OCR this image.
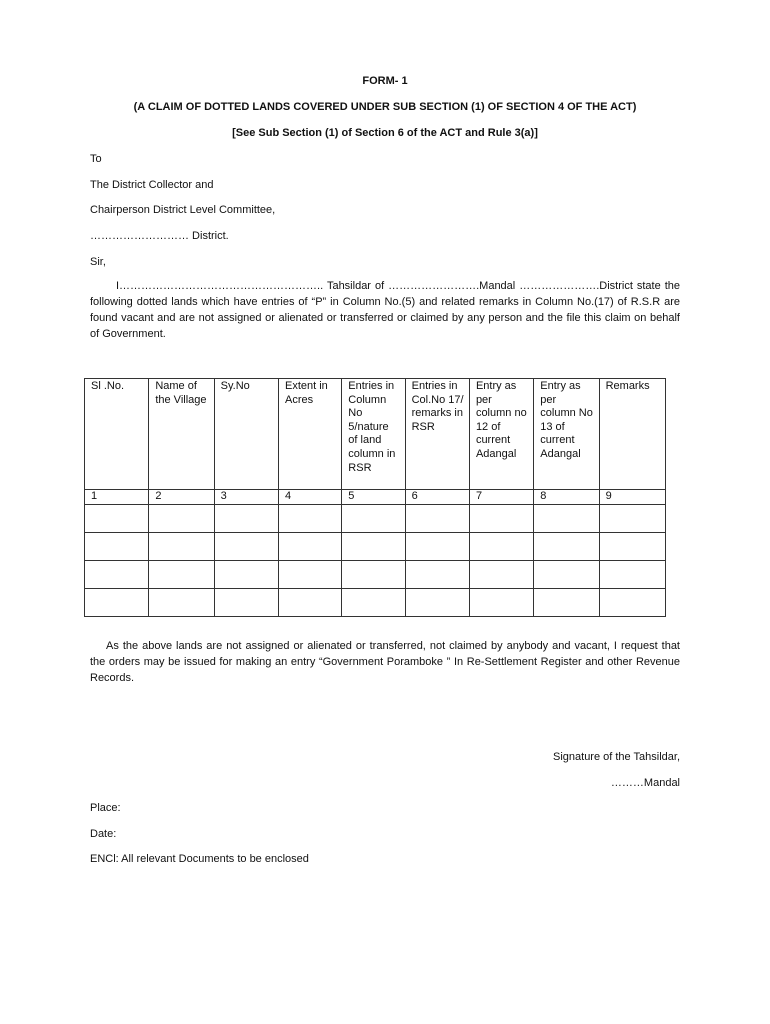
FORM- 1
(A CLAIM OF DOTTED LANDS COVERED UNDER SUB SECTION (1) OF SECTION 4 OF THE ACT)
[See Sub Section (1) of Section 6 of the ACT and Rule 3(a)]
To
The District Collector and
Chairperson District Level Committee,
……………………… District.
Sir,
I……………………………………………….. Tahsildar of …………………….Mandal ………………….District state the following dotted lands which have entries of “P” in Column No.(5) and related remarks in Column No.(17) of R.S.R are found vacant and are not assigned or alienated or transferred or claimed by any person and the file this claim on behalf of Government.
Sl .No.	Name of the Village	Sy.No	Extent in Acres	Entries in Column No 5/nature of land column in RSR	Entries in Col.No 17/ remarks in RSR	Entry as per column no 12 of current Adangal	Entry as per column No 13 of current Adangal	Remarks
1	2	3	4	5	6	7	8	9

As the above lands are not assigned or alienated or transferred, not claimed by anybody and vacant, I request that the orders may be issued for making an entry “Government Poramboke ” In Re-Settlement Register and other Revenue Records.
Signature of the Tahsildar,
………Mandal
Place:
Date:
ENCl: All relevant Documents to be enclosed
